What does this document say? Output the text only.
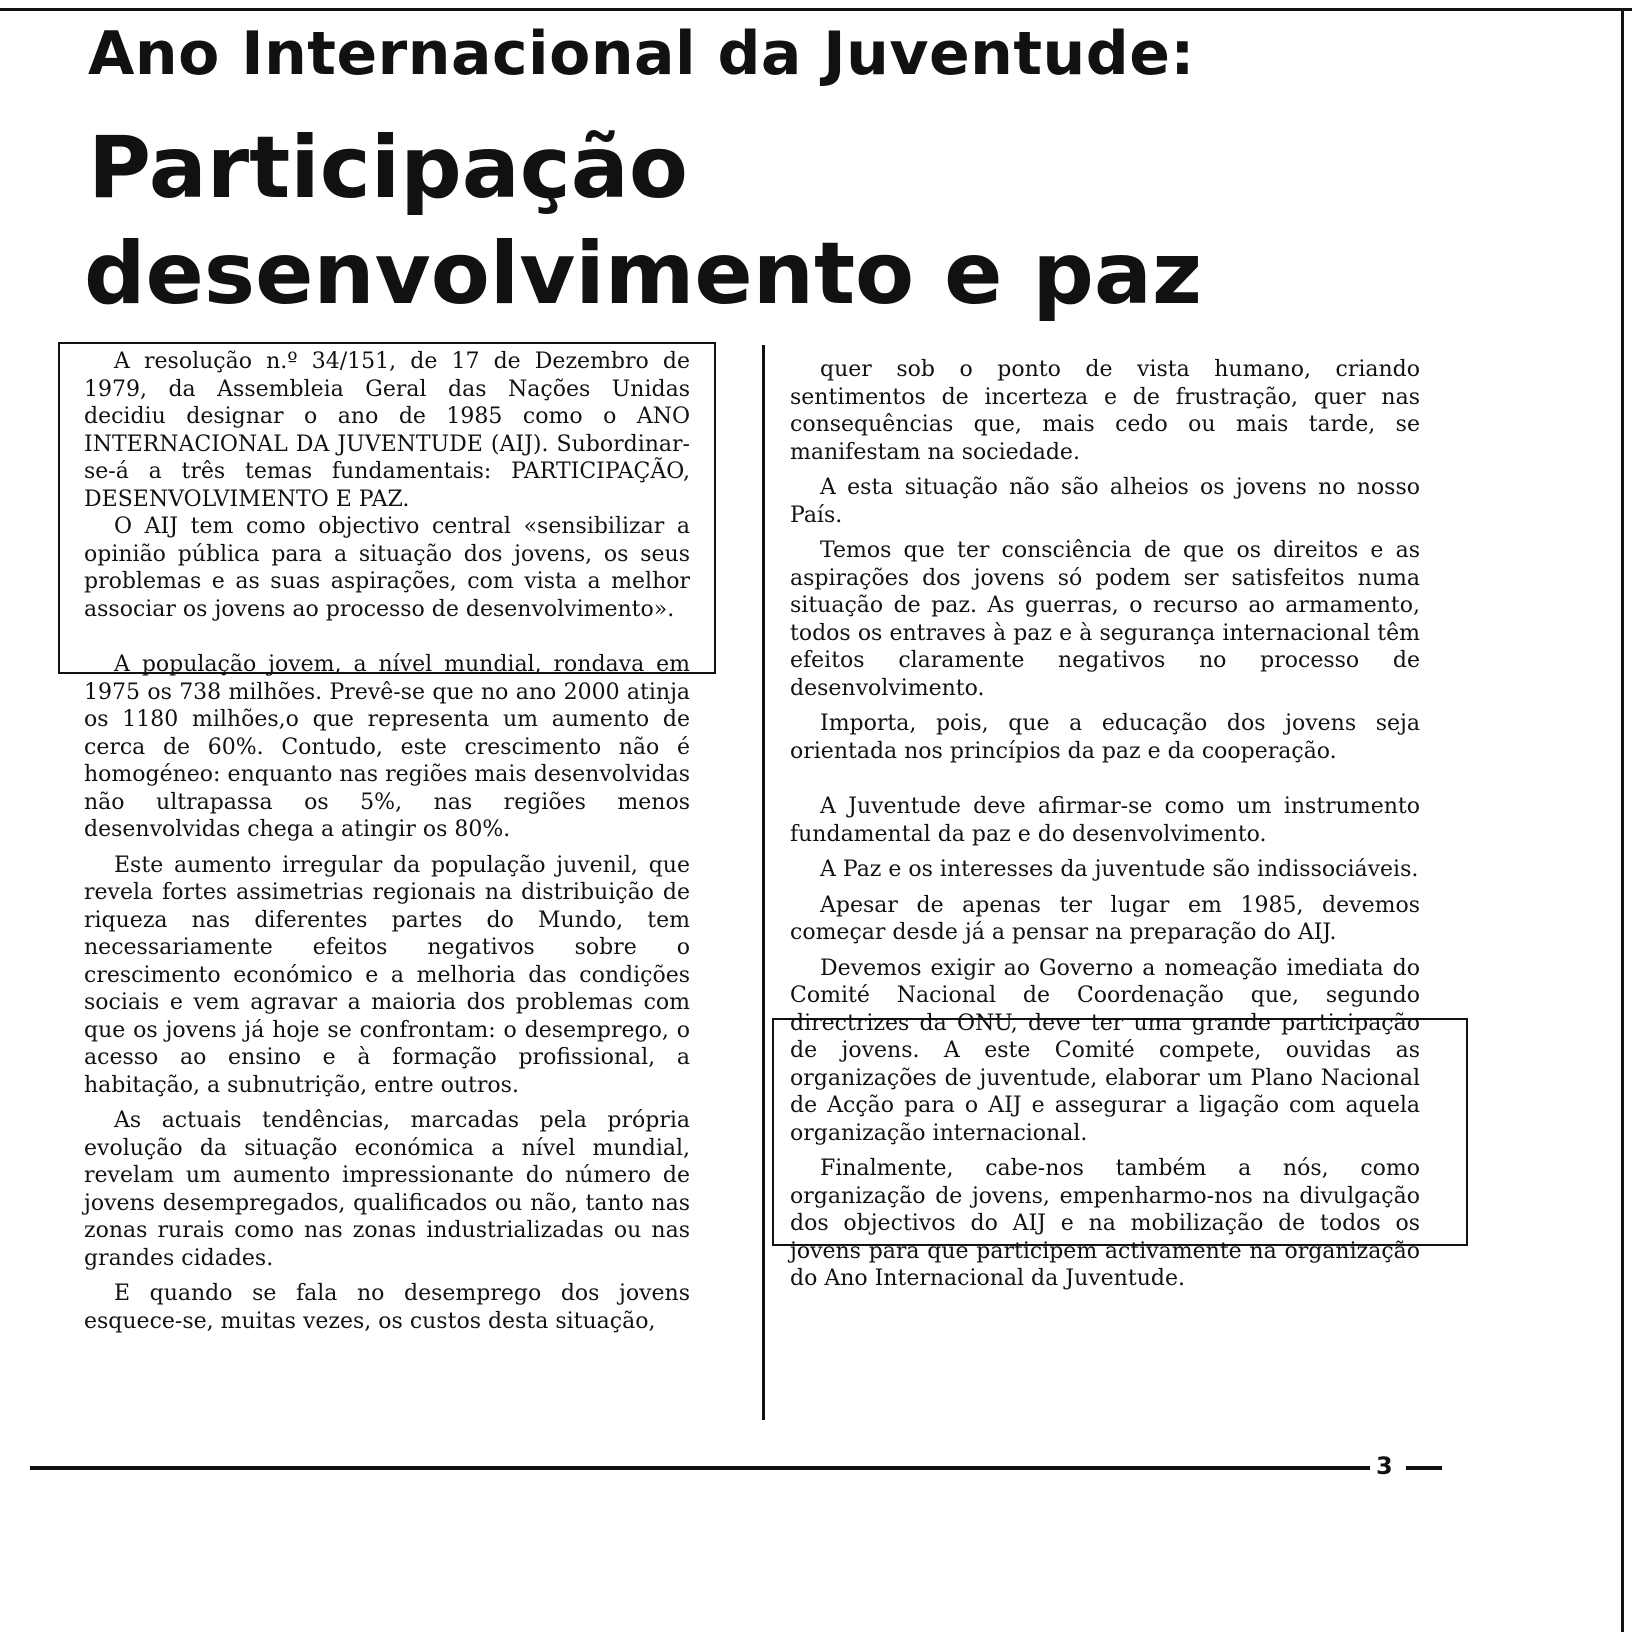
Ano Internacional da Juventude:
Participação
desenvolvimento e paz

A resolução n.º 34/151, de 17 de Dezembro de 1979, da Assembleia Geral das Nações Unidas decidiu designar o ano de 1985 como o ANO INTERNACIONAL DA JUVENTUDE (AIJ). Subordinar-se-á a três temas fundamentais: PARTICIPAÇÃO, DESENVOLVIMENTO E PAZ.

O AIJ tem como objectivo central «sensibilizar a opinião pública para a situação dos jovens, os seus problemas e as suas aspirações, com vista a melhor associar os jovens ao processo de desenvolvimento».

A população jovem, a nível mundial, rondava em 1975 os 738 milhões. Prevê-se que no ano 2000 atinja os 1180 milhões,o que representa um aumento de cerca de 60%. Contudo, este crescimento não é homogéneo: enquanto nas regiões mais desenvolvidas não ultrapassa os 5%, nas regiões menos desenvolvidas chega a atingir os 80%.

Este aumento irregular da população juvenil, que revela fortes assimetrias regionais na distribuição de riqueza nas diferentes partes do Mundo, tem necessariamente efeitos negativos sobre o crescimento económico e a melhoria das condições sociais e vem agravar a maioria dos problemas com que os jovens já hoje se confrontam: o desemprego, o acesso ao ensino e à formação profissional, a habitação, a subnutrição, entre outros.

As actuais tendências, marcadas pela própria evolução da situação económica a nível mundial, revelam um aumento impressionante do número de jovens desempregados, qualificados ou não, tanto nas zonas rurais como nas zonas industrializadas ou nas grandes cidades.

E quando se fala no desemprego dos jovens esquece-se, muitas vezes, os custos desta situação,

quer sob o ponto de vista humano, criando sentimentos de incerteza e de frustração, quer nas consequências que, mais cedo ou mais tarde, se manifestam na sociedade.

A esta situação não são alheios os jovens no nosso País.

Temos que ter consciência de que os direitos e as aspirações dos jovens só podem ser satisfeitos numa situação de paz. As guerras, o recurso ao armamento, todos os entraves à paz e à segurança internacional têm efeitos claramente negativos no processo de desenvolvimento.

Importa, pois, que a educação dos jovens seja orientada nos princípios da paz e da cooperação.

A Juventude deve afirmar-se como um instrumento fundamental da paz e do desenvolvimento.

A Paz e os interesses da juventude são indissociáveis.

Apesar de apenas ter lugar em 1985, devemos começar desde já a pensar na preparação do AIJ.

Devemos exigir ao Governo a nomeação imediata do Comité Nacional de Coordenação que, segundo directrizes da ONU, deve ter uma grande participação de jovens. A este Comité compete, ouvidas as organizações de juventude, elaborar um Plano Nacional de Acção para o AIJ e assegurar a ligação com aquela organização internacional.

Finalmente, cabe-nos também a nós, como organização de jovens, empenharmo-nos na divulgação dos objectivos do AIJ e na mobilização de todos os jovens para que participem activamente na organização do Ano Internacional da Juventude.

3
